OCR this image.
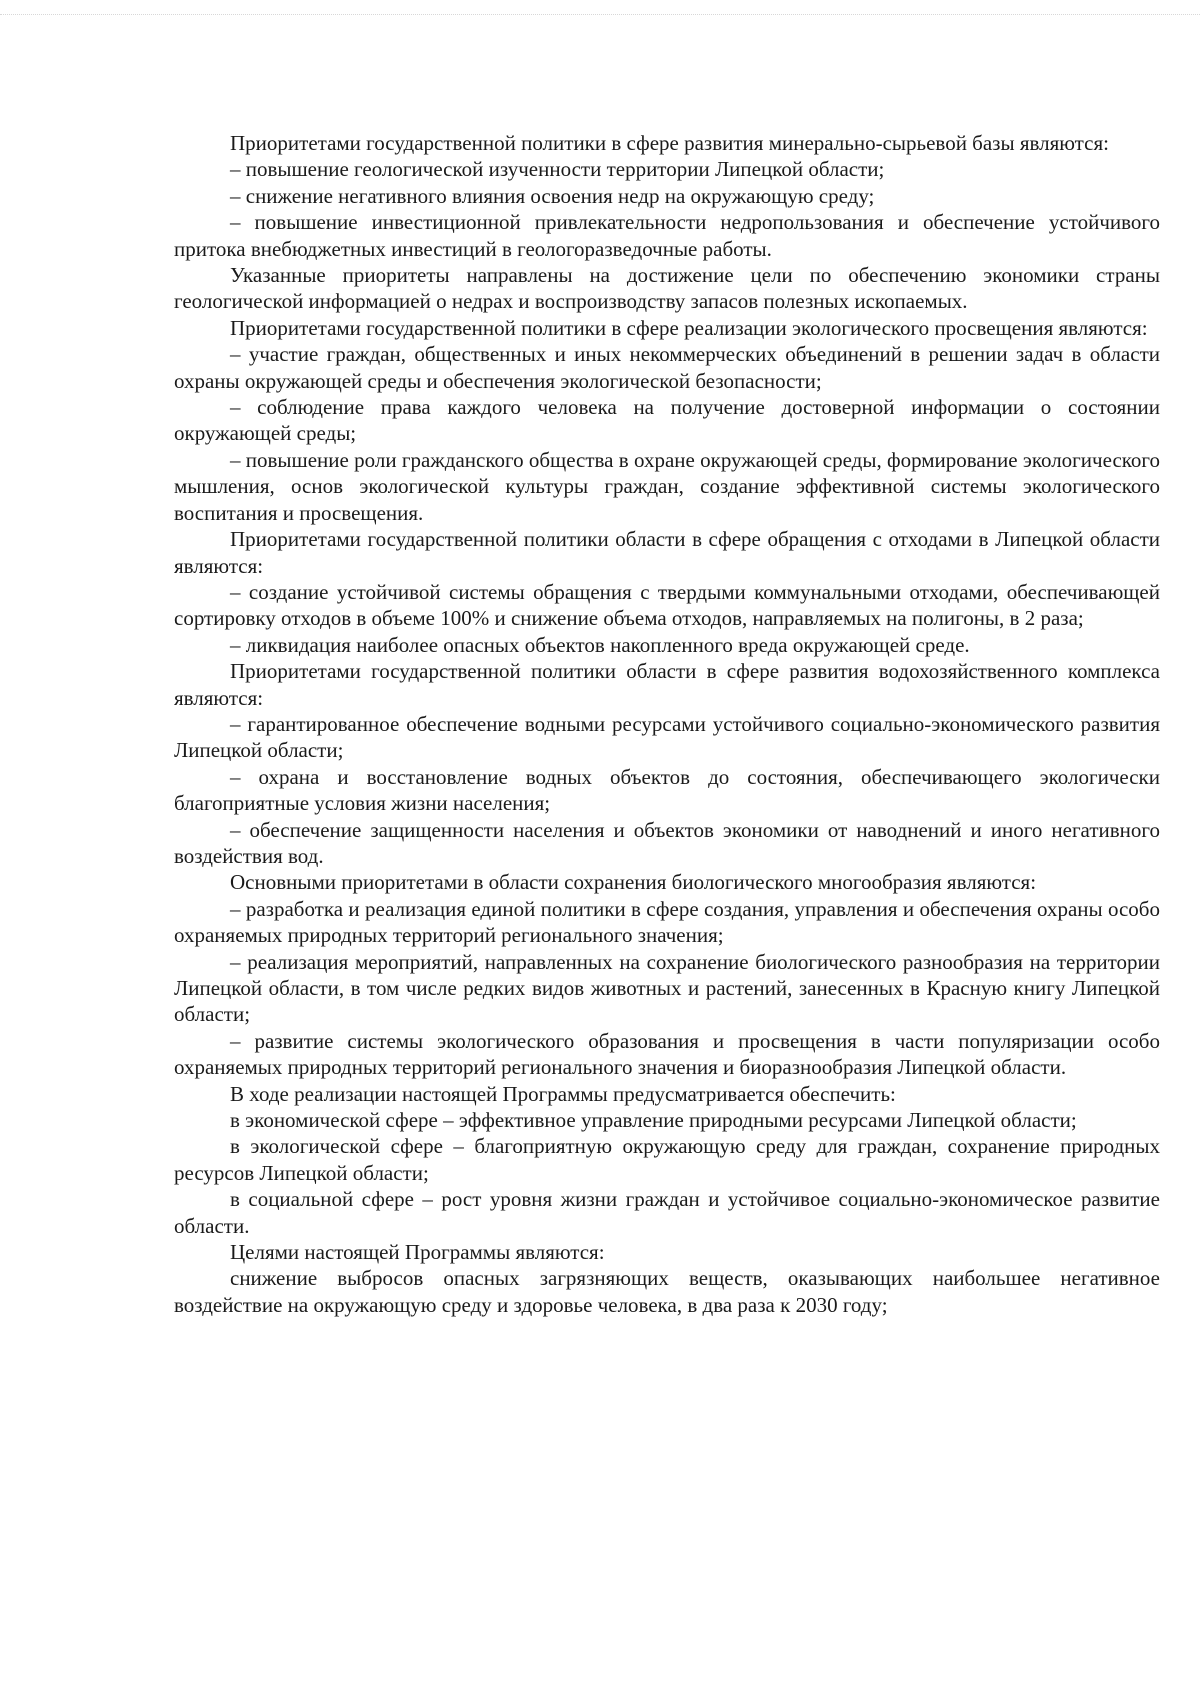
Приоритетами государственной политики в сфере развития минерально-сырьевой базы являются:

– повышение геологической изученности территории Липецкой области;

– снижение негативного влияния освоения недр на окружающую среду;

– повышение инвестиционной привлекательности недропользования и обеспечение устойчивого притока внебюджетных инвестиций в геологоразведочные работы.

Указанные приоритеты направлены на достижение цели по обеспечению экономики страны геологической информацией о недрах и воспроизводству запасов полезных ископаемых.

Приоритетами государственной политики в сфере реализации экологического просвещения являются:

– участие граждан, общественных и иных некоммерческих объединений в решении задач в области охраны окружающей среды и обеспечения экологической безопасности;

– соблюдение права каждого человека на получение достоверной информации о состоянии окружающей среды;

– повышение роли гражданского общества в охране окружающей среды, формирование экологического мышления, основ экологической культуры граждан, создание эффективной системы экологического воспитания и просвещения.

Приоритетами государственной политики области в сфере обращения с отходами в Липецкой области являются:

– создание устойчивой системы обращения с твердыми коммунальными отходами, обеспечивающей сортировку отходов в объеме 100% и снижение объема отходов, направляемых на полигоны, в 2 раза;

– ликвидация наиболее опасных объектов накопленного вреда окружающей среде.

Приоритетами государственной политики области в сфере развития водохозяйственного комплекса являются:

– гарантированное обеспечение водными ресурсами устойчивого социально-экономического развития Липецкой области;

– охрана и восстановление водных объектов до состояния, обеспечивающего экологически благоприятные условия жизни населения;

– обеспечение защищенности населения и объектов экономики от наводнений и иного негативного воздействия вод.

Основными приоритетами в области сохранения биологического многообразия являются:

– разработка и реализация единой политики в сфере создания, управления и обеспечения охраны особо охраняемых природных территорий регионального значения;

– реализация мероприятий, направленных на сохранение биологического разнообразия на территории Липецкой области, в том числе редких видов животных и растений, занесенных в Красную книгу Липецкой области;

– развитие системы экологического образования и просвещения в части популяризации особо охраняемых природных территорий регионального значения и биоразнообразия Липецкой области.

В ходе реализации настоящей Программы предусматривается обеспечить:

в экономической сфере – эффективное управление природными ресурсами Липецкой области;

в экологической сфере – благоприятную окружающую среду для граждан, сохранение природных ресурсов Липецкой области;

в социальной сфере – рост уровня жизни граждан и устойчивое социально-экономическое развитие области.

Целями настоящей Программы являются:

снижение выбросов опасных загрязняющих веществ, оказывающих наибольшее негативное воздействие на окружающую среду и здоровье человека, в два раза к 2030 году;
